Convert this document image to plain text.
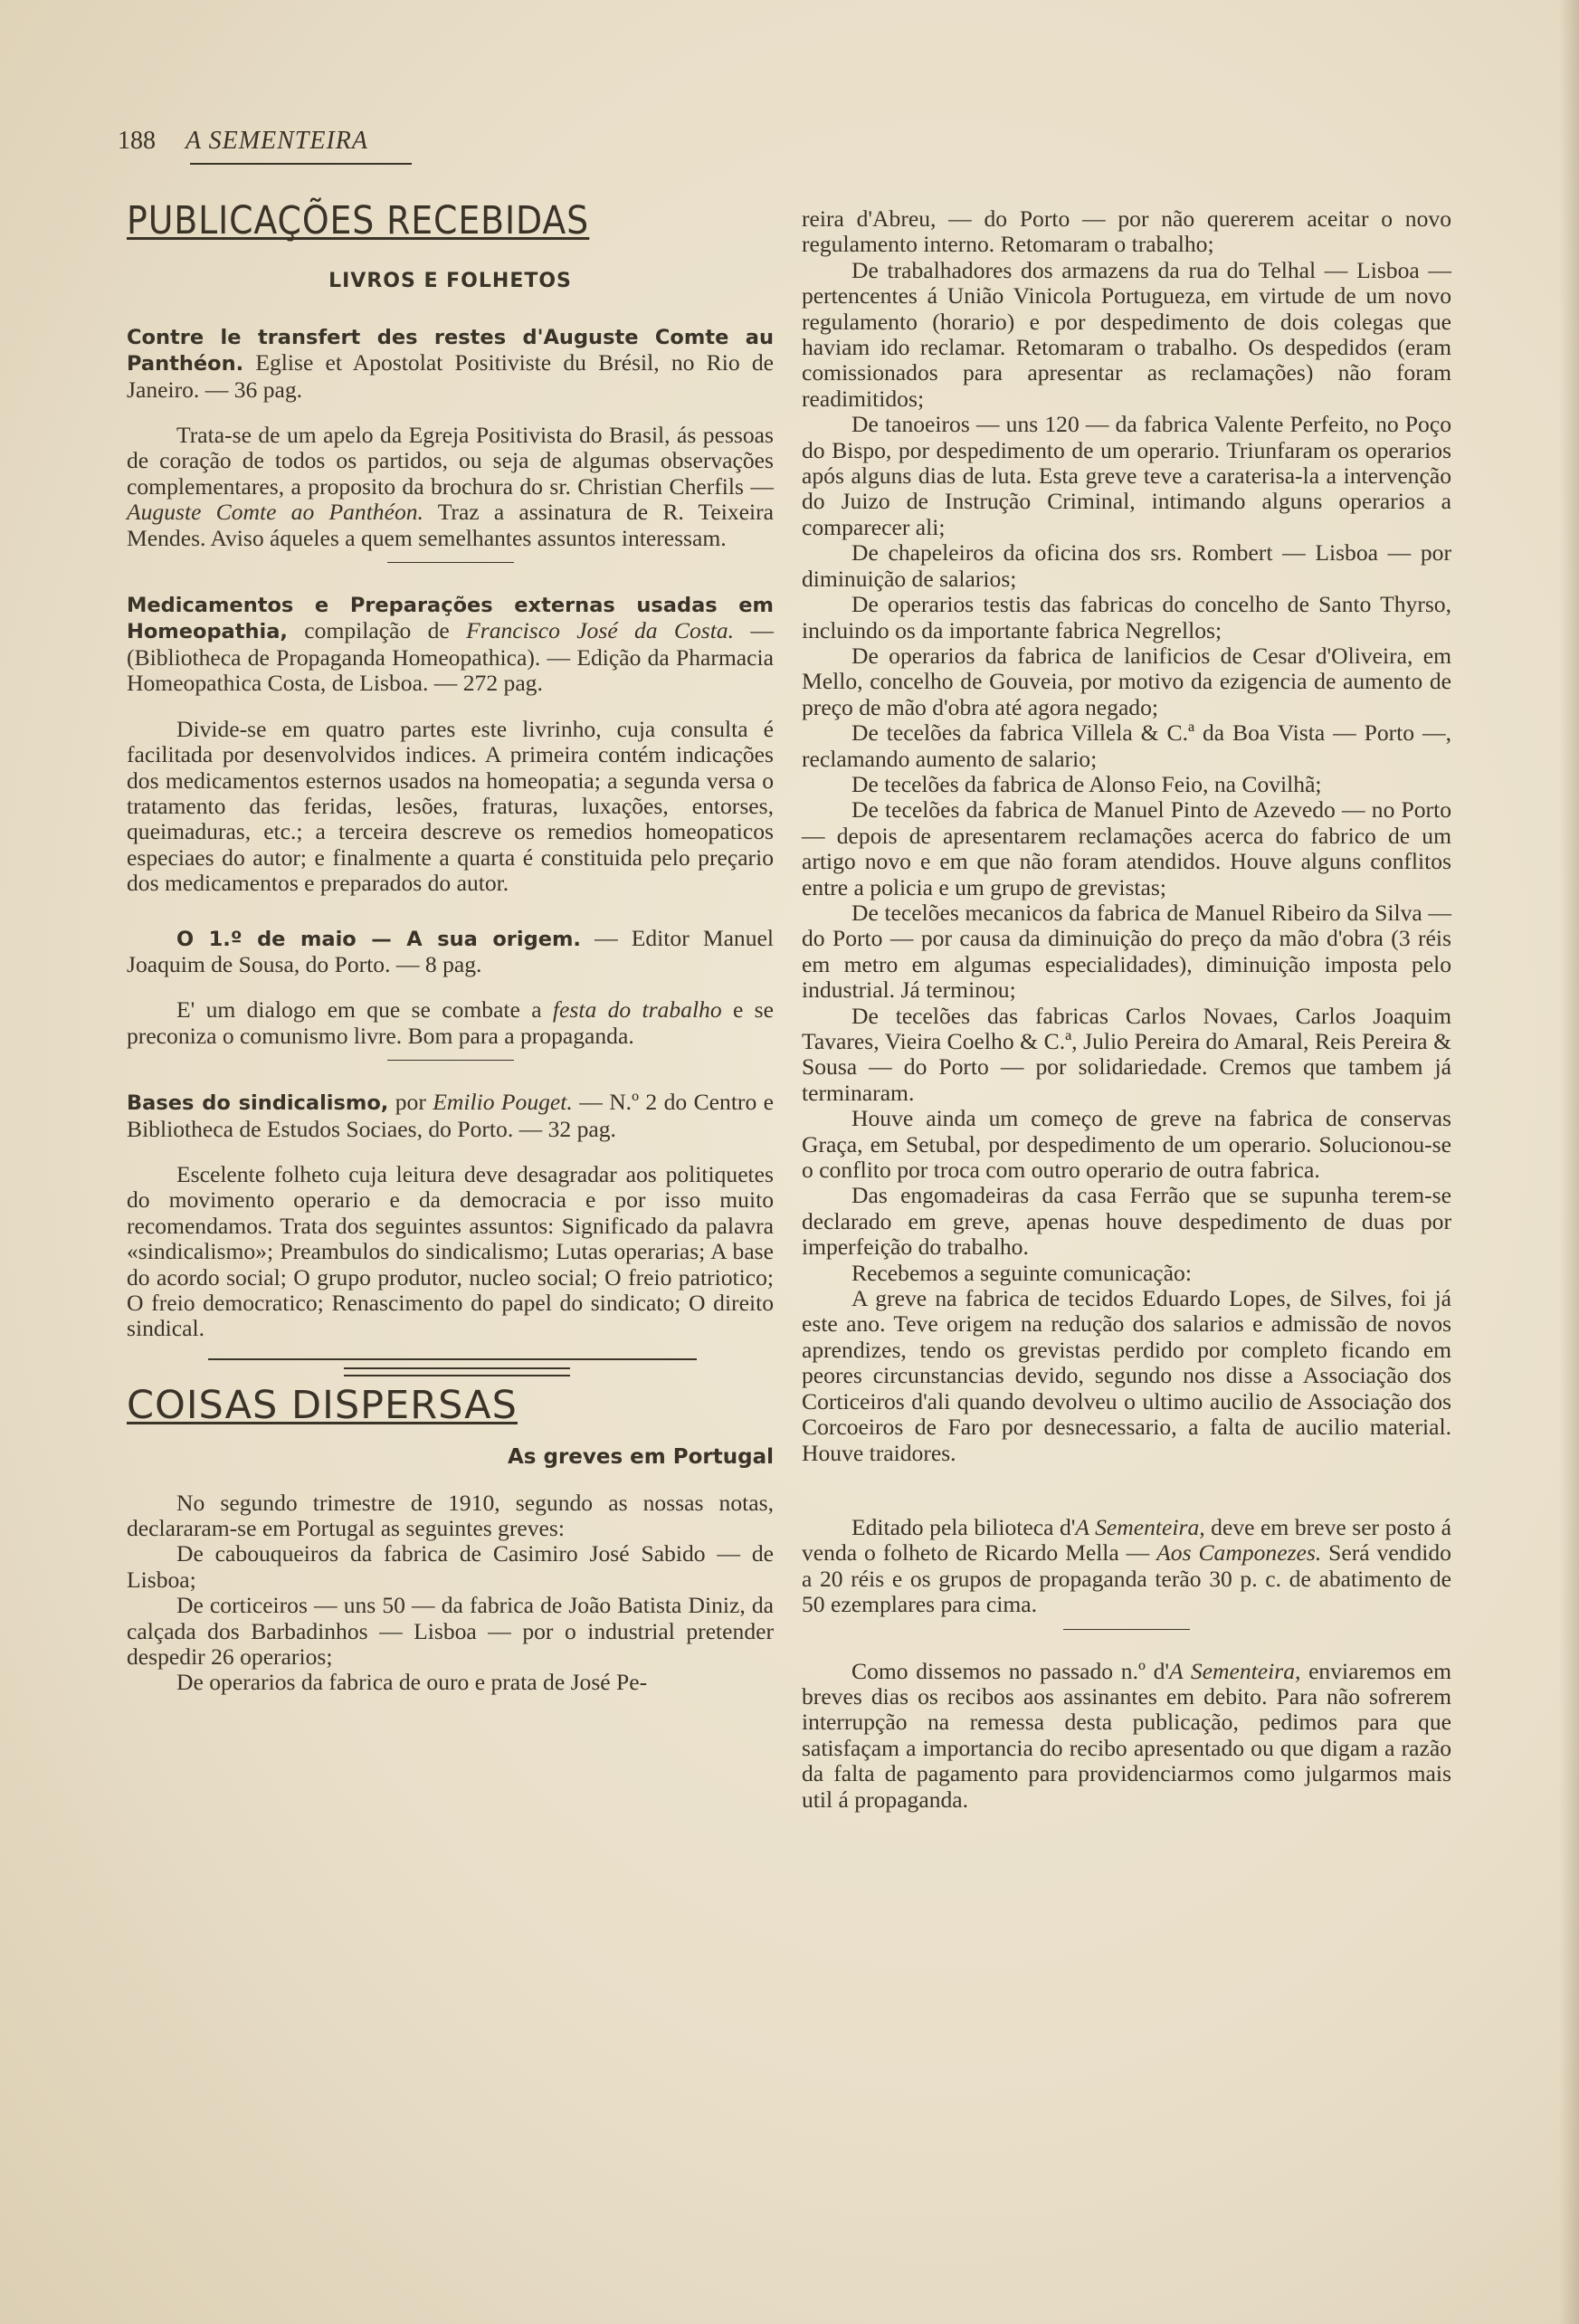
188 A SEMENTEIRA
PUBLICAÇÕES RECEBIDAS
LIVROS E FOLHETOS

Contre le transfert des restes d'Auguste Comte au Panthéon. Eglise et Apostolat Positiviste du Brésil, no Rio de Janeiro. — 36 pag.

Trata-se de um apelo da Egreja Positivista do Brasil, ás pessoas de coração de todos os partidos, ou seja de algumas observações complementares, a proposito da brochura do sr. Christian Cherfils — Auguste Comte ao Panthéon. Traz a assinatura de R. Teixeira Mendes. Aviso áqueles a quem semelhantes assuntos interessam.

Medicamentos e Preparações externas usadas em Homeopathia, compilação de Francisco José da Costa. — (Bibliotheca de Propaganda Homeopathica). — Edição da Pharmacia Homeopathica Costa, de Lisboa. — 272 pag.

Divide-se em quatro partes este livrinho, cuja consulta é facilitada por desenvolvidos indices. A primeira contém indicações dos medicamentos esternos usados na homeopatia; a segunda versa o tratamento das feridas, lesões, fraturas, luxações, entorses, queimaduras, etc.; a terceira descreve os remedios homeopaticos especiaes do autor; e finalmente a quarta é constituida pelo preçario dos medicamentos e preparados do autor.

O 1.º de maio — A sua origem. — Editor Manuel Joaquim de Sousa, do Porto. — 8 pag.

E' um dialogo em que se combate a festa do trabalho e se preconiza o comunismo livre. Bom para a propaganda.

Bases do sindicalismo, por Emilio Pouget. — N.º 2 do Centro e Bibliotheca de Estudos Sociaes, do Porto. — 32 pag.

Escelente folheto cuja leitura deve desagradar aos politiquetes do movimento operario e da democracia e por isso muito recomendamos. Trata dos seguintes assuntos: Significado da palavra «sindicalismo»; Preambulos do sindicalismo; Lutas operarias; A base do acordo social; O grupo produtor, nucleo social; O freio patriotico; O freio democratico; Renascimento do papel do sindicato; O direito sindical.

COISAS DISPERSAS
As greves em Portugal

No segundo trimestre de 1910, segundo as nossas notas, declararam-se em Portugal as seguintes greves:

De cabouqueiros da fabrica de Casimiro José Sabido — de Lisboa;

De corticeiros — uns 50 — da fabrica de João Batista Diniz, da calçada dos Barbadinhos — Lisboa — por o industrial pretender despedir 26 operarios;

De operarios da fabrica de ouro e prata de José Pe-

reira d'Abreu, — do Porto — por não quererem aceitar o novo regulamento interno. Retomaram o trabalho;

De trabalhadores dos armazens da rua do Telhal — Lisboa — pertencentes á União Vinicola Portugueza, em virtude de um novo regulamento (horario) e por despedimento de dois colegas que haviam ido reclamar. Retomaram o trabalho. Os despedidos (eram comissionados para apresentar as reclamações) não foram readimitidos;

De tanoeiros — uns 120 — da fabrica Valente Perfeito, no Poço do Bispo, por despedimento de um operario. Triunfaram os operarios após alguns dias de luta. Esta greve teve a caraterisa-la a intervenção do Juizo de Instrução Criminal, intimando alguns operarios a comparecer ali;

De chapeleiros da oficina dos srs. Rombert — Lisboa — por diminuição de salarios;

De operarios testis das fabricas do concelho de Santo Thyrso, incluindo os da importante fabrica Negrellos;

De operarios da fabrica de lanificios de Cesar d'Oliveira, em Mello, concelho de Gouveia, por motivo da ezigencia de aumento de preço de mão d'obra até agora negado;

De tecelões da fabrica Villela & C.ª da Boa Vista — Porto —, reclamando aumento de salario;

De tecelões da fabrica de Alonso Feio, na Covilhã;

De tecelões da fabrica de Manuel Pinto de Azevedo — no Porto — depois de apresentarem reclamações acerca do fabrico de um artigo novo e em que não foram atendidos. Houve alguns conflitos entre a policia e um grupo de grevistas;

De tecelões mecanicos da fabrica de Manuel Ribeiro da Silva — do Porto — por causa da diminuição do preço da mão d'obra (3 réis em metro em algumas especialidades), diminuição imposta pelo industrial. Já terminou;

De tecelões das fabricas Carlos Novaes, Carlos Joaquim Tavares, Vieira Coelho & C.ª, Julio Pereira do Amaral, Reis Pereira & Sousa — do Porto — por solidariedade. Cremos que tambem já terminaram.

Houve ainda um começo de greve na fabrica de conservas Graça, em Setubal, por despedimento de um operario. Solucionou-se o conflito por troca com outro operario de outra fabrica.

Das engomadeiras da casa Ferrão que se supunha terem-se declarado em greve, apenas houve despedimento de duas por imperfeição do trabalho.

Recebemos a seguinte comunicação:

A greve na fabrica de tecidos Eduardo Lopes, de Silves, foi já este ano. Teve origem na redução dos salarios e admissão de novos aprendizes, tendo os grevistas perdido por completo ficando em peores circunstancias devido, segundo nos disse a Associação dos Corticeiros d'ali quando devolveu o ultimo aucilio de Associação dos Corcoeiros de Faro por desnecessario, a falta de aucilio material. Houve traidores.

Editado pela bilioteca d'A Sementeira, deve em breve ser posto á venda o folheto de Ricardo Mella — Aos Camponezes. Será vendido a 20 réis e os grupos de propaganda terão 30 p. c. de abatimento de 50 ezemplares para cima.

Como dissemos no passado n.º d'A Sementeira, enviaremos em breves dias os recibos aos assinantes em debito. Para não sofrerem interrupção na remessa desta publicação, pedimos para que satisfaçam a importancia do recibo apresentado ou que digam a razão da falta de pagamento para providenciarmos como julgarmos mais util á propaganda.
